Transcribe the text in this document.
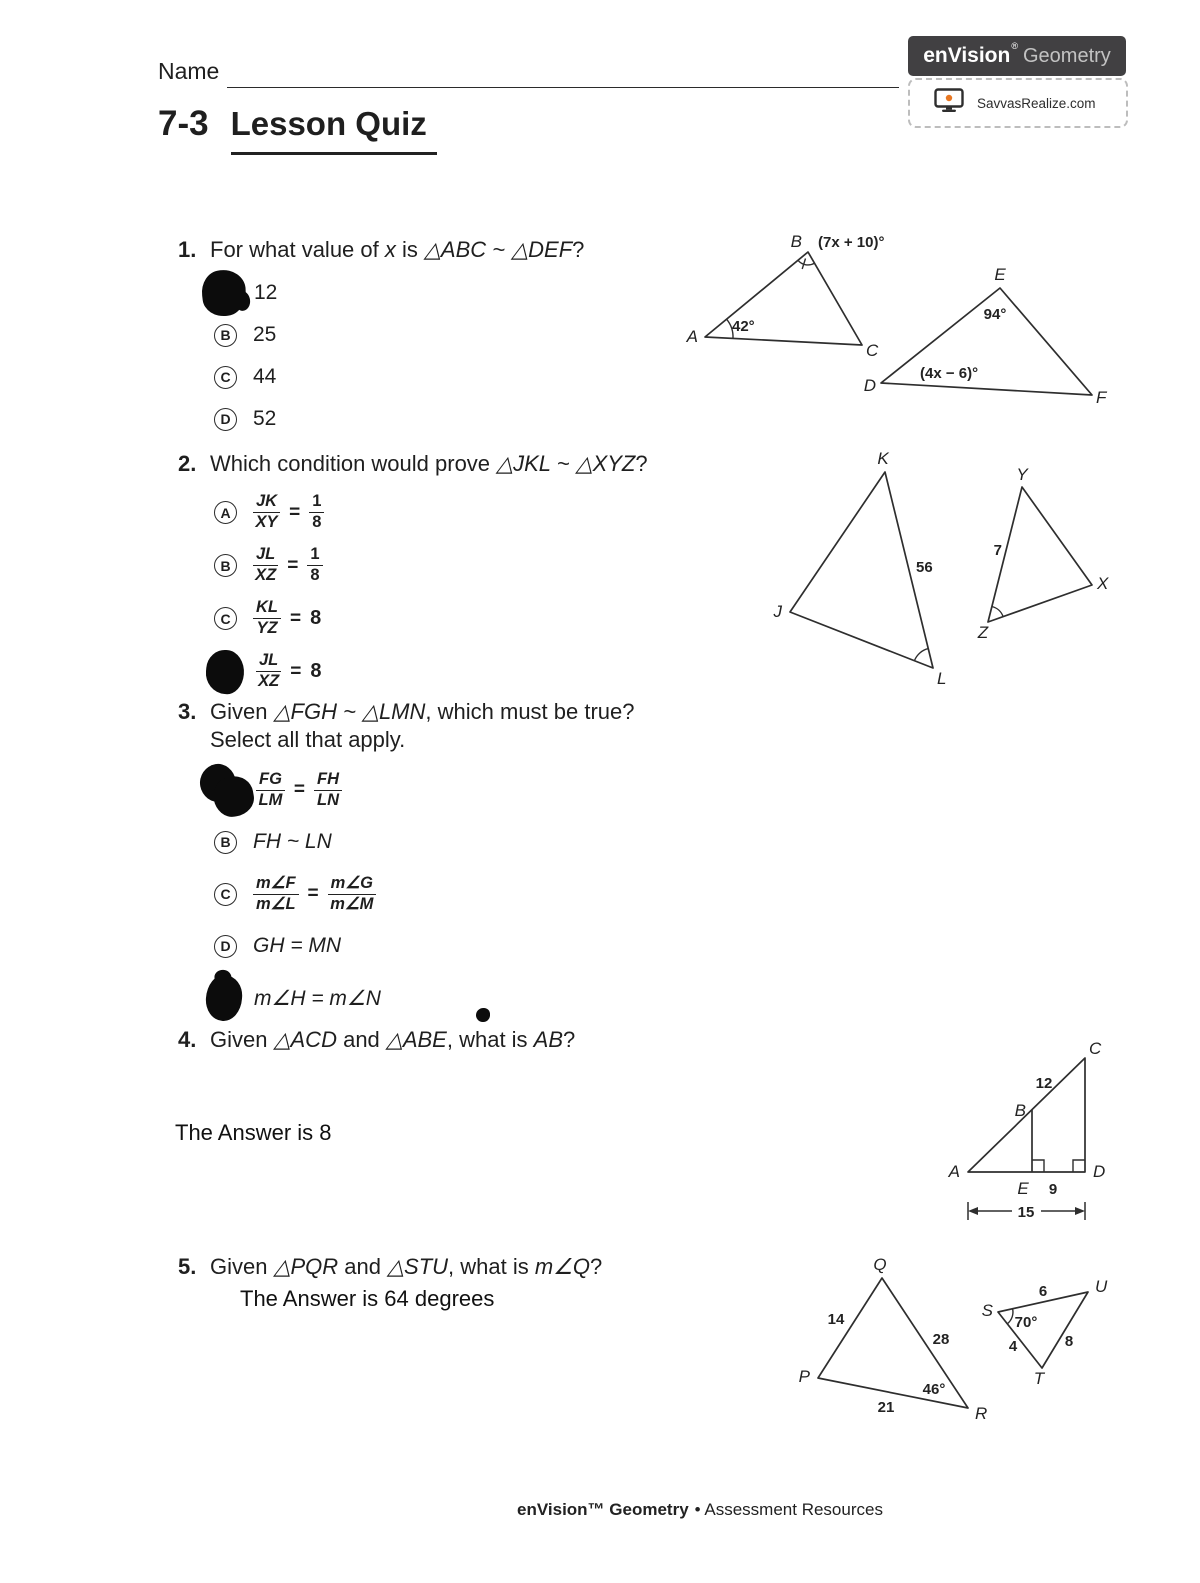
Name
enVision ® Geometry
SavvasRealize.com
7-3 Lesson Quiz
1. For what value of x is △ABC ~ △DEF?
12
B	25
C	44
D	52
B (7x + 10)°
A
42°
C
E
94°
D
(4x − 6)°
F
2. Which condition would prove △JKL ~ △XYZ?
A	$\frac{JK}{XY} = \frac{1}{8}$
B	$\frac{JL}{XZ} = \frac{1}{8}$
C	$\frac{KL}{YZ} = 8$
$\frac{JL}{XZ} = 8$
K
J
L
56
Y
X
Z
7
3. Given △FGH ~ △LMN, which must be true?
Select all that apply.
$\frac{FG}{LM} = \frac{FH}{LN}$
B	FH ~ LN
C	$\frac{m\angle F}{m\angle L} = \frac{m\angle G}{m\angle M}$
D	GH = MN
m∠H = m∠N
4. Given △ACD and △ABE, what is AB?
The Answer is 8
C
12
B
A	D
E 9
15
5. Given △PQR and △STU, what is m∠Q?
The Answer is 64 degrees
Q
P
R
14
28
21
46°
S
70°
6	U
4	8
T
enVision™ Geometry • Assessment Resources
